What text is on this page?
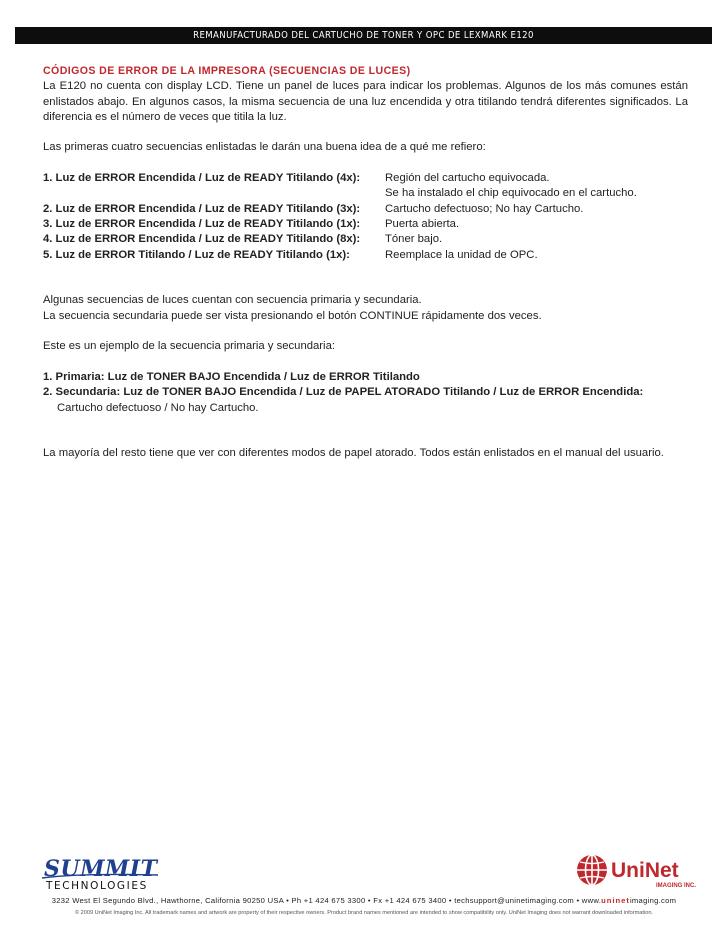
REMANUFACTURADO DEL CARTUCHO DE TONER Y OPC DE LEXMARK E120
CÓDIGOS DE ERROR DE LA IMPRESORA (SECUENCIAS DE LUCES)

La E120 no cuenta con display LCD. Tiene un panel de luces para indicar los problemas. Algunos de los más comunes están enlistados abajo. En algunos casos, la misma secuencia de una luz encendida y otra titilando tendrá diferentes significados. La diferencia es el número de veces que titila la luz.

Las primeras cuatro secuencias enlistadas le darán una buena idea de a qué me refiero:

1. Luz de ERROR Encendida / Luz de READY Titilando (4x):	Región del cartucho equivocada.
Se ha instalado el chip equivocado en el cartucho.
2. Luz de ERROR Encendida / Luz de READY Titilando (3x):	Cartucho defectuoso; No hay Cartucho.
3. Luz de ERROR Encendida / Luz de READY Titilando (1x):	Puerta abierta.
4. Luz de ERROR Encendida / Luz de READY Titilando (8x):	Tóner bajo.
5. Luz de ERROR Titilando / Luz de READY Titilando (1x):	Reemplace la unidad de OPC.

Algunas secuencias de luces cuentan con secuencia primaria y secundaria.

La secuencia secundaria puede ser vista presionando el botón CONTINUE rápidamente dos veces.

Este es un ejemplo de la secuencia primaria y secundaria:

1. Primaria: Luz de TONER BAJO Encendida / Luz de ERROR Titilando
2. Secundaria: Luz de TONER BAJO Encendida / Luz de PAPEL ATORADO Titilando / Luz de ERROR Encendida:
Cartucho defectuoso / No hay Cartucho.

La mayoría del resto tiene que ver con diferentes modos de papel atorado. Todos están enlistados en el manual del usuario.

SUMMIT
TECHNOLOGIES
UniNet
IMAGING INC.
3232 West El Segundo Blvd., Hawthorne, California 90250 USA • Ph +1 424 675 3300 • Fx +1 424 675 3400 • techsupport@uninetimaging.com • www.uninetimaging.com
© 2009 UniNet Imaging Inc. All trademark names and artwork are property of their respective owners. Product brand names mentioned are intended to show compatibility only. UniNet Imaging does not warrant downloaded information.
